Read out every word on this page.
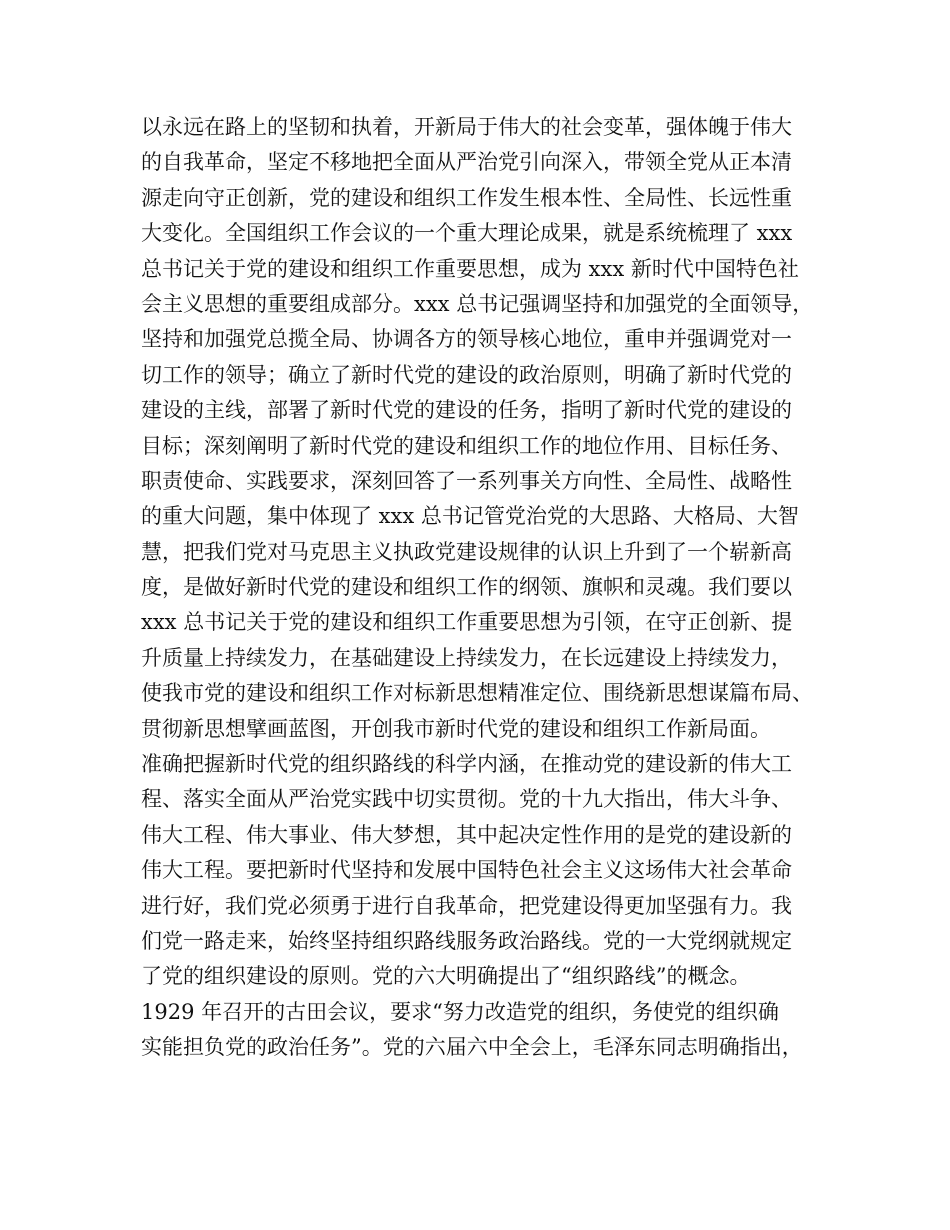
以永远在路上的坚韧和执着，开新局于伟大的社会变革，强体魄于伟大
的自我革命，坚定不移地把全面从严治党引向深入，带领全党从正本清
源走向守正创新，党的建设和组织工作发生根本性、全局性、长远性重
大变化。全国组织工作会议的一个重大理论成果，就是系统梳理了 xxx
总书记关于党的建设和组织工作重要思想，成为 xxx 新时代中国特色社
会主义思想的重要组成部分。xxx 总书记强调坚持和加强党的全面领导，
坚持和加强党总揽全局、协调各方的领导核心地位，重申并强调党对一
切工作的领导；确立了新时代党的建设的政治原则，明确了新时代党的
建设的主线，部署了新时代党的建设的任务，指明了新时代党的建设的
目标；深刻阐明了新时代党的建设和组织工作的地位作用、目标任务、
职责使命、实践要求，深刻回答了一系列事关方向性、全局性、战略性
的重大问题，集中体现了 xxx 总书记管党治党的大思路、大格局、大智
慧，把我们党对马克思主义执政党建设规律的认识上升到了一个崭新高
度，是做好新时代党的建设和组织工作的纲领、旗帜和灵魂。我们要以
xxx 总书记关于党的建设和组织工作重要思想为引领，在守正创新、提
升质量上持续发力，在基础建设上持续发力，在长远建设上持续发力，
使我市党的建设和组织工作对标新思想精准定位、围绕新思想谋篇布局、
贯彻新思想擘画蓝图，开创我市新时代党的建设和组织工作新局面。
准确把握新时代党的组织路线的科学内涵，在推动党的建设新的伟大工
程、落实全面从严治党实践中切实贯彻。党的十九大指出，伟大斗争、
伟大工程、伟大事业、伟大梦想，其中起决定性作用的是党的建设新的
伟大工程。要把新时代坚持和发展中国特色社会主义这场伟大社会革命
进行好，我们党必须勇于进行自我革命，把党建设得更加坚强有力。我
们党一路走来，始终坚持组织路线服务政治路线。党的一大党纲就规定
了党的组织建设的原则。党的六大明确提出了“组织路线”的概念。
1929 年召开的古田会议，要求“努力改造党的组织，务使党的组织确
实能担负党的政治任务”。党的六届六中全会上，毛泽东同志明确指出，
